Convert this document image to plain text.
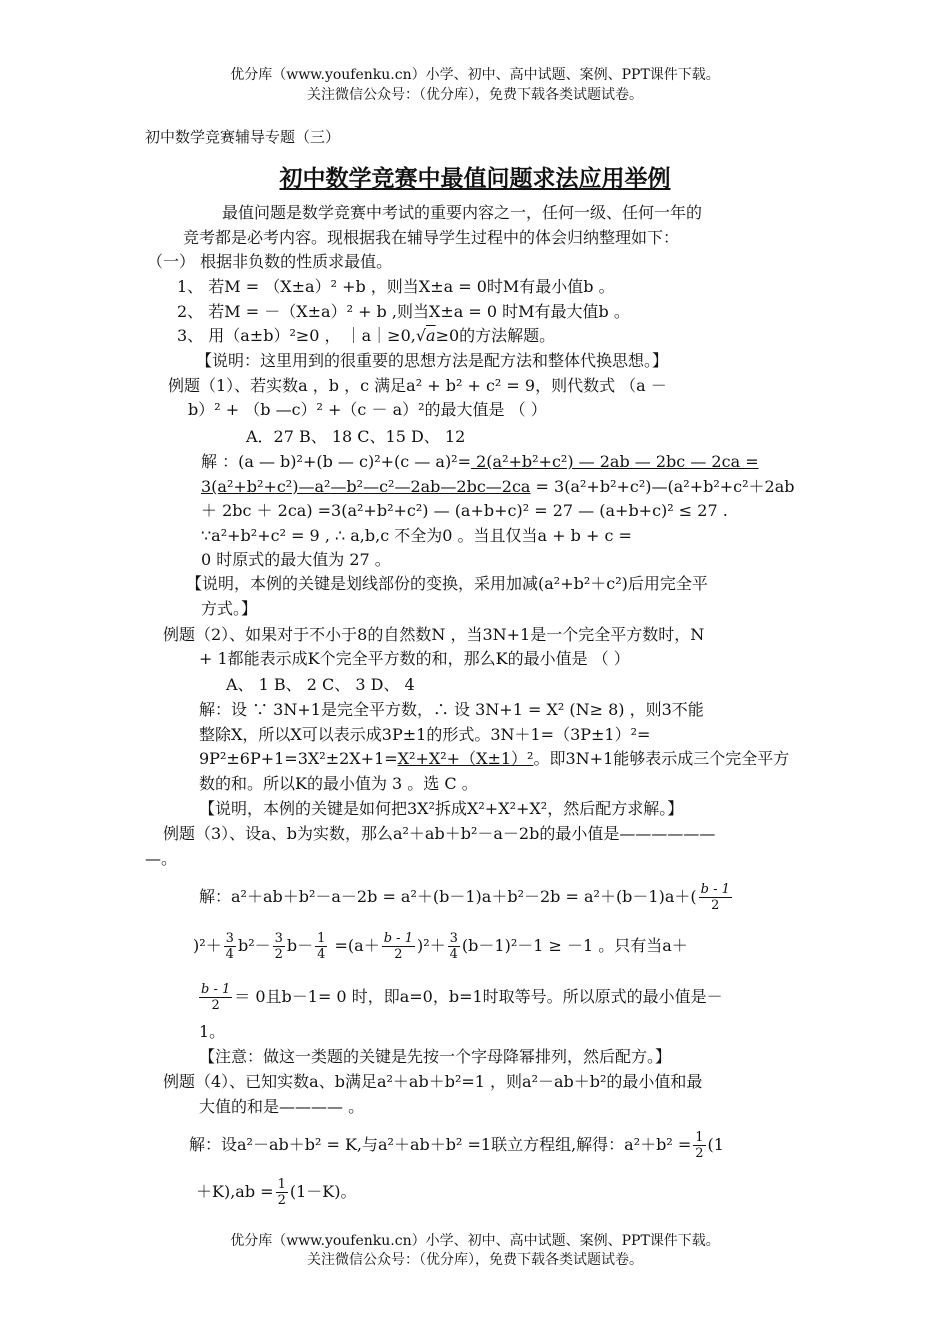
优分库（www.youfenku.cn）小学、初中、高中试题、案例、PPT课件下载。
关注微信公众号：（优分库），免费下载各类试题试卷。
初中数学竞赛辅导专题（三）
初中数学竞赛中最值问题求法应用举例
最值问题是数学竞赛中考试的重要内容之一，任何一级、任何一年的
竞考都是必考内容。现根据我在辅导学生过程中的体会归纳整理如下：
（一） 根据非负数的性质求最值。
1、 若M = （X±a）² +b ，则当X±a = 0时M有最小值b 。
2、 若M = －（X±a）² + b ,则当X±a = 0 时M有最大值b 。
3、 用（a±b）²≥0 ， ｜a｜≥0,√a≥0的方法解题。
【说明：这里用到的很重要的思想方法是配方法和整体代换思想。】
例题（1）、若实数a ，b ，c 满足a² + b² + c² = 9，则代数式 （a －
b）² + （b —c）² +（c － a）²的最大值是 （ ）
A．27 B、 18 C、15 D、 12
解 ：(a — b)²+(b — c)²+(c — a)²= 2(a²+b²+c²) — 2ab — 2bc — 2ca =
3(a²+b²+c²)—a²—b²—c²—2ab—2bc—2ca = 3(a²+b²+c²)—(a²+b²+c²＋2ab
＋ 2bc ＋ 2ca) =3(a²+b²+c²) — (a+b+c)² = 27 — (a+b+c)² ≤ 27 .
∵a²+b²+c² = 9 , ∴ a,b,c 不全为0 。当且仅当a + b + c =
0 时原式的最大值为 27 。
【说明，本例的关键是划线部份的变换，采用加减(a²+b²＋c²)后用完全平
方式。】
例题（2）、如果对于不小于8的自然数N ，当3N+1是一个完全平方数时，N
+ 1都能表示成K个完全平方数的和，那么K的最小值是 （ ）
A、 1 B、 2 C、 3 D、 4
解：设 ∵ 3N+1是完全平方数，∴ 设 3N+1 = X² (N≥ 8) ，则3不能
整除X，所以X可以表示成3P±1的形式。3N＋1=（3P±1）²=
9P²±6P+1=3X²±2X+1=X²+X²+（X±1）²。即3N+1能够表示成三个完全平方
数的和。所以K的最小值为 3 。选 C 。
【说明，本例的关键是如何把3X²拆成X²+X²+X²，然后配方求解。】
例题（3）、设a、b为实数，那么a²＋ab＋b²－a－2b的最小值是——————
—。
解：$a^2+ab+b^2-a-2b = a^2+(b-1)a+b^2-2b = a^2+(b-1)a+( \frac{b - 1}{2}$
)$^2+ \frac{3}{4} b^2- \frac{3}{2} b- \frac{1}{4} =(a+ \frac{b - 1}{2} )^2+ \frac{3}{4} (b-1)^2-1 \ge -1$ 。只有当a＋
$\frac{b - 1}{2} = 0$且b－1= 0 时，即a=0，b=1时取等号。所以原式的最小值是－
1。
【注意：做这一类题的关键是先按一个字母降幂排列，然后配方。】
例题（4）、已知实数a、b满足a²＋ab＋b²=1 ，则a²－ab＋b²的最小值和最
大值的和是———— 。
解：设a²－ab＋b² = K,与a²＋ab＋b² =1联立方程组,解得：$a^2+b^2 = \frac{1}{2} (1$
$+K),ab = \frac{1}{2} (1-K)$。
优分库（www.youfenku.cn）小学、初中、高中试题、案例、PPT课件下载。
关注微信公众号：（优分库），免费下载各类试题试卷。
